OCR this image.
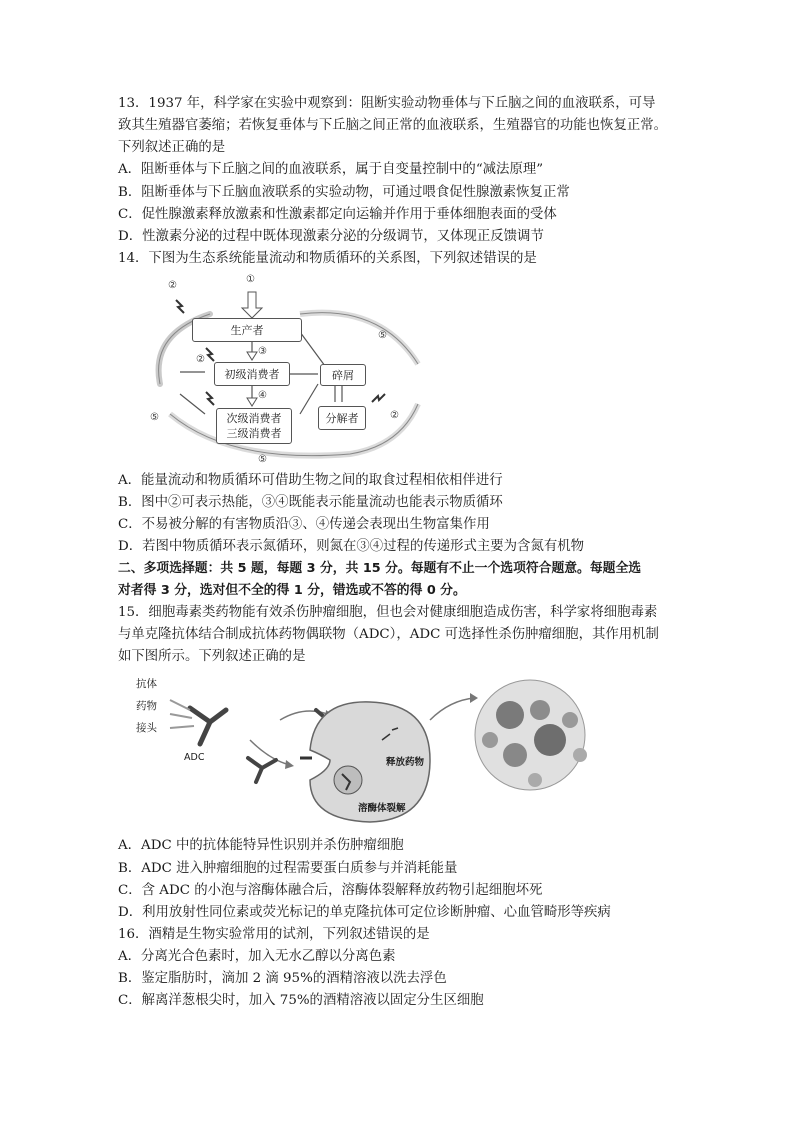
13．1937 年，科学家在实验中观察到：阻断实验动物垂体与下丘脑之间的血液联系，可导
致其生殖器官萎缩；若恢复垂体与下丘脑之间正常的血液联系，生殖器官的功能也恢复正常。
下列叙述正确的是
A．阻断垂体与下丘脑之间的血液联系，属于自变量控制中的“减法原理”
B．阻断垂体与下丘脑血液联系的实验动物，可通过喂食促性腺激素恢复正常
C．促性腺激素释放激素和性激素都定向运输并作用于垂体细胞表面的受体
D．性激素分泌的过程中既体现激素分泌的分级调节，又体现正反馈调节
14．下图为生态系统能量流动和物质循环的关系图，下列叙述错误的是
①
②
②
②
③
④
⑤
⑤
⑤
生产者
初级消费者	碎屑
次级消费者
三级消费者
分解者
A．能量流动和物质循环可借助生物之间的取食过程相依相伴进行
B．图中②可表示热能，③④既能表示能量流动也能表示物质循环
C．不易被分解的有害物质沿③、④传递会表现出生物富集作用
D．若图中物质循环表示氮循环，则氮在③④过程的传递形式主要为含氮有机物
二、多项选择题：共 5 题，每题 3 分，共 15 分。每题有不止一个选项符合题意。每题全选
对者得 3 分，选对但不全的得 1 分，错选或不答的得 0 分。
15．细胞毒素类药物能有效杀伤肿瘤细胞，但也会对健康细胞造成伤害，科学家将细胞毒素
与单克隆抗体结合制成抗体药物偶联物（ADC），ADC 可选择性杀伤肿瘤细胞，其作用机制
如下图所示。下列叙述正确的是
抗体
药物
接头
ADC	释放药物
溶酶体裂解
A．ADC 中的抗体能特异性识别并杀伤肿瘤细胞
B．ADC 进入肿瘤细胞的过程需要蛋白质参与并消耗能量
C．含 ADC 的小泡与溶酶体融合后，溶酶体裂解释放药物引起细胞坏死
D．利用放射性同位素或荧光标记的单克隆抗体可定位诊断肿瘤、心血管畸形等疾病
16．酒精是生物实验常用的试剂，下列叙述错误的是
A．分离光合色素时，加入无水乙醇以分离色素
B．鉴定脂肪时，滴加 2 滴 95%的酒精溶液以洗去浮色
C．解离洋葱根尖时，加入 75%的酒精溶液以固定分生区细胞
